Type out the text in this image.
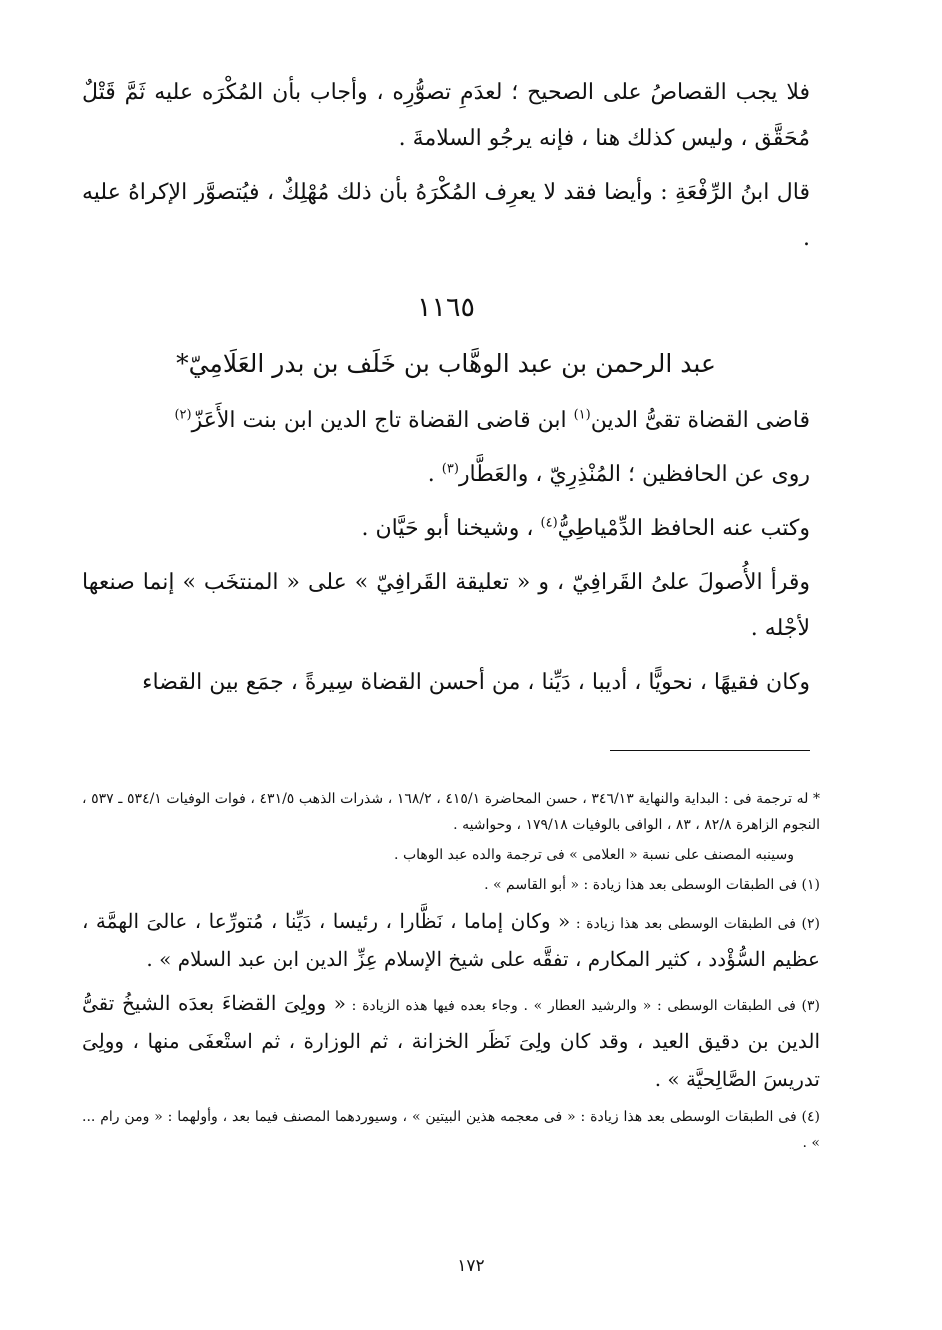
فلا يجب القصاصُ على الصحيح ؛ لعدَمِ تصوُّرِه ، وأجاب بأن المُكْرَه عليه ثَمَّ قَتْلٌ مُحَقَّق ، وليس كذلك هنا ، فإنه يرجُو السلامةَ .

قال ابنُ الرِّفْعَةِ : وأيضا فقد لا يعرِف المُكْرَهُ بأن ذلك مُهْلِكٌ ، فيُتصوَّر الإكراهُ عليه .

١١٦٥
عبد الرحمن بن عبد الوهَّاب بن خَلَف بن بدر العَلَامِيّ*

قاضى القضاة تقىُّ الدين$^{(١)}$ ابن قاضى القضاة تاج الدين ابن بنت الأَعَزّ$^{(٢)}$

روى عن الحافظين ؛ المُنْذِرِيّ ، والعَطَّار$^{(٣)}$ .

وكتب عنه الحافظ الدِّمْياطِيُّ$^{(٤)}$ ، وشيخنا أبو حَيَّان .

وقرأ الأُصولَ علىُ القَرافِيّ ، و « تعليقة القَرافِيّ » على « المنتخَب » إنما صنعها لأجْله .

وكان فقيهًا ، نحويًّا ، أديبا ، دَيِّنا ، من أحسن القضاة سِيرةً ، جمَع بين القضاء

* له ترجمة فى : البداية والنهاية ٣٤٦/١٣ ، حسن المحاضرة ٤١٥/١ ، ١٦٨/٢ ، شذرات الذهب ٤٣١/٥ ، فوات الوفيات ٥٣٤/١ ـ ٥٣٧ ، النجوم الزاهرة ٨٢/٨ ، ٨٣ ، الوافى بالوفيات ١٧٩/١٨ ، وحواشيه .

وسينبه المصنف على نسبة « العلامى » فى ترجمة والده عبد الوهاب .

(١) فى الطبقات الوسطى بعد هذا زيادة : « أبو القاسم » .

(٢) فى الطبقات الوسطى بعد هذا زيادة : « وكان إماما ، نَظَّارا ، رئيسا ، دَيِّنا ، مُتورِّعا ، عالىَ الهمَّة ، عظيم السُّؤْدد ، كثير المكارم ، تفقَّه على شيخ الإسلام عِزِّ الدين ابن عبد السلام » .

(٣) فى الطبقات الوسطى : « والرشيد العطار » . وجاء بعده فيها هذه الزيادة : « وولِىَ القضاءَ بعدَه الشيخُ تقىُّ الدين بن دقيق العيد ، وقد كان ولِىَ نَظَر الخزانة ، ثم الوزارة ، ثم استْعفَى منها ، وولِىَ تدريسَ الصَّالِحيَّة » .

(٤) فى الطبقات الوسطى بعد هذا زيادة : « فى معجمه هذين البيتين » ، وسيوردهما المصنف فيما بعد ، وأولهما : « ومن رام ... » .

١٧٢
